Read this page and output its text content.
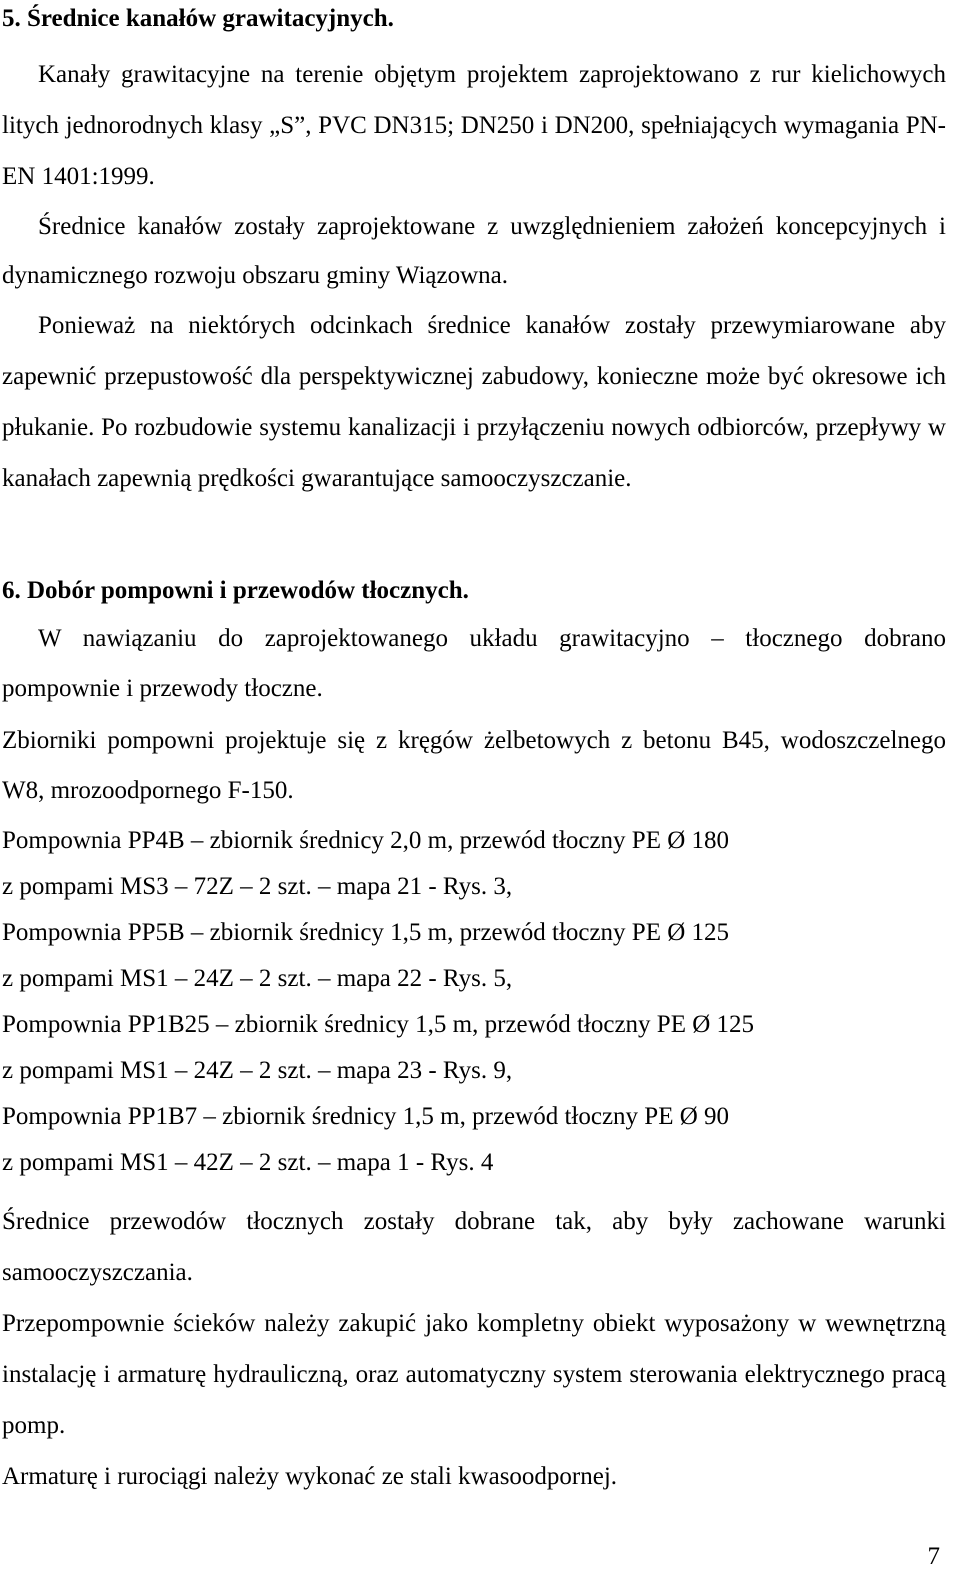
5. Średnice kanałów grawitacyjnych.

Kanały grawitacyjne na terenie objętym projektem zaprojektowano z rur kielichowych litych jednorodnych klasy „S”, PVC DN315; DN250 i DN200, spełniających wymagania PN-EN 1401:1999.

Średnice kanałów zostały zaprojektowane z uwzględnieniem założeń koncepcyjnych i dynamicznego rozwoju obszaru gminy Wiązowna.

Ponieważ na niektórych odcinkach średnice kanałów zostały przewymiarowane aby zapewnić przepustowość dla perspektywicznej zabudowy, konieczne może być okresowe ich płukanie. Po rozbudowie systemu kanalizacji i przyłączeniu nowych odbiorców, przepływy w kanałach zapewnią prędkości gwarantujące samooczyszczanie.

6. Dobór pompowni i przewodów tłocznych.

W nawiązaniu do zaprojektowanego układu grawitacyjno – tłocznego dobrano pompownie i przewody tłoczne.

Zbiorniki pompowni projektuje się z kręgów żelbetowych z betonu B45, wodoszczelnego W8, mrozoodpornego F-150.

Pompownia PP4B – zbiornik średnicy 2,0 m, przewód tłoczny PE Ø 180
z pompami MS3 – 72Z – 2 szt. – mapa 21 - Rys. 3,
Pompownia PP5B – zbiornik średnicy 1,5 m, przewód tłoczny PE Ø 125
z pompami MS1 – 24Z – 2 szt. – mapa 22 - Rys. 5,
Pompownia PP1B25 – zbiornik średnicy 1,5 m, przewód tłoczny PE Ø 125
z pompami MS1 – 24Z – 2 szt. – mapa 23 - Rys. 9,
Pompownia PP1B7 – zbiornik średnicy 1,5 m, przewód tłoczny PE Ø 90
z pompami MS1 – 42Z – 2 szt. – mapa 1 - Rys. 4

Średnice przewodów tłocznych zostały dobrane tak, aby były zachowane warunki samooczyszczania.

Przepompownie ścieków należy zakupić jako kompletny obiekt wyposażony w wewnętrzną instalację i armaturę hydrauliczną, oraz automatyczny system sterowania elektrycznego pracą pomp.

Armaturę i rurociągi należy wykonać ze stali kwasoodpornej.

7
